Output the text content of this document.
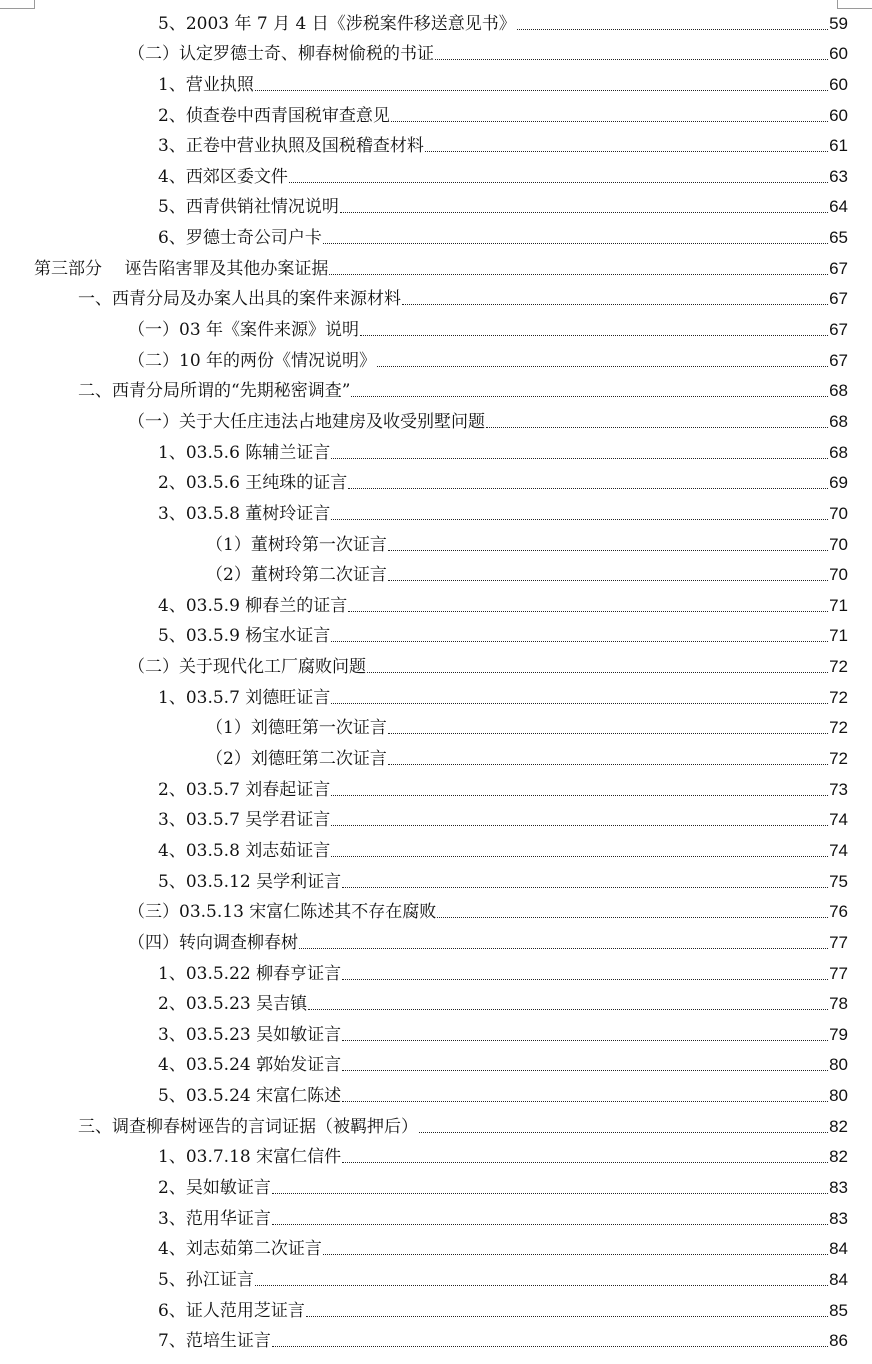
5、2003 年 7 月 4 日《涉税案件移送意见书》	59
（二）认定罗德士奇、柳春树偷税的书证	60
1、营业执照	60
2、侦查卷中西青国税审查意见	60
3、正卷中营业执照及国税稽查材料	61
4、西郊区委文件	63
5、西青供销社情况说明	64
6、罗德士奇公司户卡	65
第三部分　 诬告陷害罪及其他办案证据	67
一、西青分局及办案人出具的案件来源材料	67
（一）03 年《案件来源》说明	67
（二）10 年的两份《情况说明》	67
二、西青分局所谓的“先期秘密调查”	68
（一）关于大任庄违法占地建房及收受别墅问题	68
1、03.5.6 陈辅兰证言	68
2、03.5.6 王纯珠的证言	69
3、03.5.8 董树玲证言	70
（1）董树玲第一次证言	70
（2）董树玲第二次证言	70
4、03.5.9 柳春兰的证言	71
5、03.5.9 杨宝水证言	71
（二）关于现代化工厂腐败问题	72
1、03.5.7 刘德旺证言	72
（1）刘德旺第一次证言	72
（2）刘德旺第二次证言	72
2、03.5.7 刘春起证言	73
3、03.5.7 吴学君证言	74
4、03.5.8 刘志茹证言	74
5、03.5.12 吴学利证言	75
（三）03.5.13 宋富仁陈述其不存在腐败	76
（四）转向调查柳春树	77
1、03.5.22 柳春亨证言	77
2、03.5.23 吴吉镇	78
3、03.5.23 吴如敏证言	79
4、03.5.24 郭始发证言	80
5、03.5.24 宋富仁陈述	80
三、调查柳春树诬告的言词证据（被羁押后）	82
1、03.7.18 宋富仁信件	82
2、吴如敏证言	83
3、范用华证言	83
4、刘志茹第二次证言	84
5、孙江证言	84
6、证人范用芝证言	85
7、范培生证言	86
